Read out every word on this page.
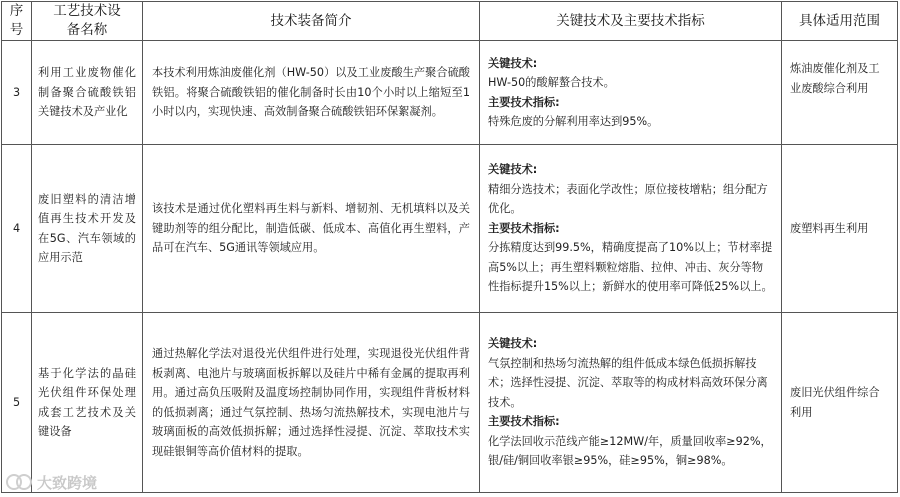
序号	工艺技术设备名称	技术装备简介	关键技术及主要技术指标	具体适用范围
3	利用工业废物催化制备聚合硫酸铁铝关键技术及产业化	本技术利用炼油废催化剂（HW-50）以及工业废酸生产聚合硫酸铁铝。将聚合硫酸铁铝的催化制备时长由10个小时以上缩短至1小时以内，实现快速、高效制备聚合硫酸铁铝环保絮凝剂。	关键技术:
HW-50的酸解螯合技术。
主要技术指标:
特殊危废的分解利用率达到95%。	炼油废催化剂及工业废酸综合利用
4	废旧塑料的清洁增值再生技术开发及在5G、汽车领域的应用示范	该技术是通过优化塑料再生料与新料、增韧剂、无机填料以及关键助剂等的组分配比，制造低碳、低成本、高值化再生塑料，产品可在汽车、5G通讯等领域应用。	关键技术:
精细分选技术；表面化学改性；原位接枝增粘；组分配方优化。
主要技术指标:
分拣精度达到99.5%，精确度提高了10%以上；节材率提高5%以上；再生塑料颗粒熔脂、拉伸、冲击、灰分等物性指标提升15%以上；新鲜水的使用率可降低25%以上。	废塑料再生利用
5	基于化学法的晶硅光伏组件环保处理成套工艺技术及关键设备	通过热解化学法对退役光伏组件进行处理，实现退役光伏组件背板剥离、电池片与玻璃面板拆解以及硅片中稀有金属的提取再利用。通过高负压吸附及温度场控制协同作用，实现组件背板材料的低损剥离；通过气氛控制、热场匀流热解技术，实现电池片与玻璃面板的高效低损拆解；通过选择性浸提、沉淀、萃取技术实现硅银铜等高价值材料的提取。	关键技术:
气氛控制和热场匀流热解的组件低成本绿色低损拆解技术；选择性浸提、沉淀、萃取等的构成材料高效环保分离技术。
主要技术指标:
化学法回收示范线产能≥12MW/年，质量回收率≥92%，银/硅/铜回收率银≥95%，硅≥95%，铜≥98%。	废旧光伏组件综合利用
大致跨境
